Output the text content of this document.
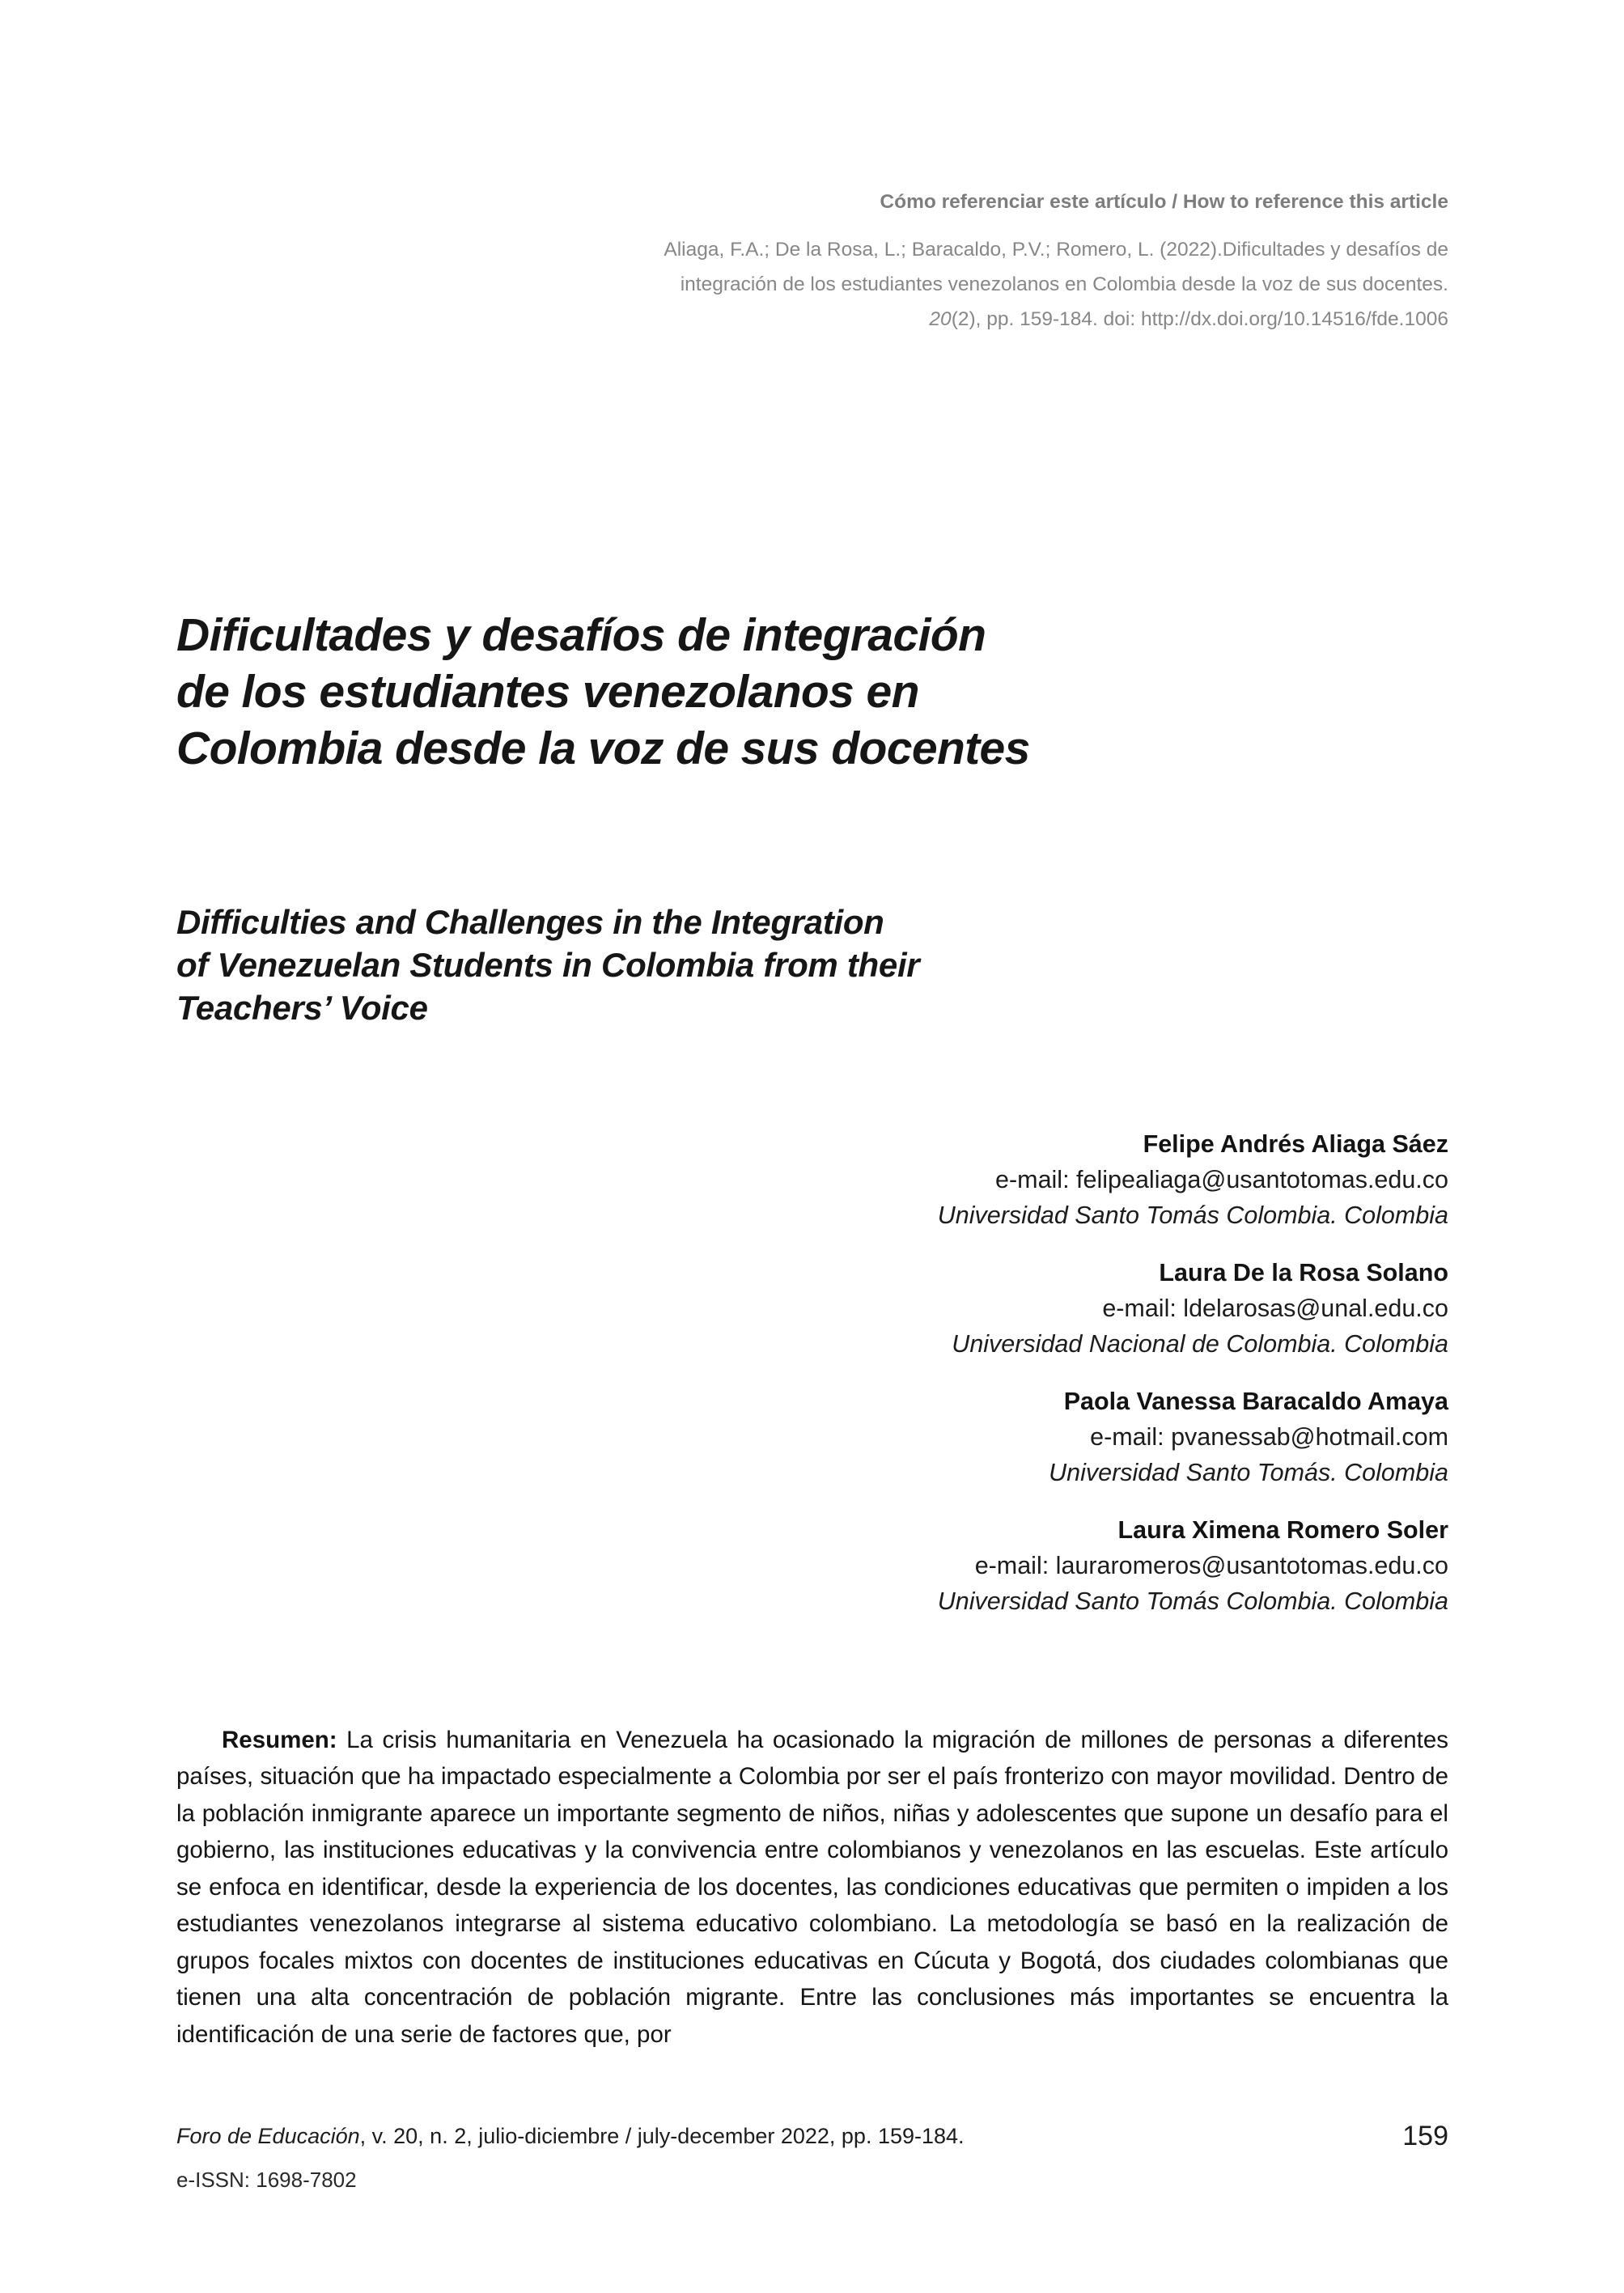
Cómo referenciar este artículo / How to reference this article
Aliaga, F.A.; De la Rosa, L.; Baracaldo, P.V.; Romero, L. (2022).Dificultades y desafíos de
integración de los estudiantes venezolanos en Colombia desde la voz de sus docentes.
20(2), pp. 159-184. doi: http://dx.doi.org/10.14516/fde.1006
Dificultades y desafíos de integración
de los estudiantes venezolanos en
Colombia desde la voz de sus docentes
Difficulties and Challenges in the Integration
of Venezuelan Students in Colombia from their
Teachers’ Voice
Felipe Andrés Aliaga Sáez
e-mail: felipealiaga@usantotomas.edu.co
Universidad Santo Tomás Colombia. Colombia
Laura De la Rosa Solano
e-mail: ldelarosas@unal.edu.co
Universidad Nacional de Colombia. Colombia
Paola Vanessa Baracaldo Amaya
e-mail: pvanessab@hotmail.com
Universidad Santo Tomás. Colombia
Laura Ximena Romero Soler
e-mail: lauraromeros@usantotomas.edu.co
Universidad Santo Tomás Colombia. Colombia

Resumen: La crisis humanitaria en Venezuela ha ocasionado la migración de millones de personas a diferentes países, situación que ha impactado especialmente a Colombia por ser el país fronterizo con mayor movilidad. Dentro de la población inmigrante aparece un importante segmento de niños, niñas y adolescentes que supone un desafío para el gobierno, las instituciones educativas y la convivencia entre colombianos y venezolanos en las escuelas. Este artículo se enfoca en identificar, desde la experiencia de los docentes, las condiciones educativas que permiten o impiden a los estudiantes venezolanos integrarse al sistema educativo colombiano. La metodología se basó en la realización de grupos focales mixtos con docentes de instituciones educativas en Cúcuta y Bogotá, dos ciudades colombianas que tienen una alta concentración de población migrante. Entre las conclusiones más importantes se encuentra la identificación de una serie de factores que, por

Foro de Educación, v. 20, n. 2, julio-diciembre / july-december 2022, pp. 159-184.
e-ISSN: 1698-7802
159
